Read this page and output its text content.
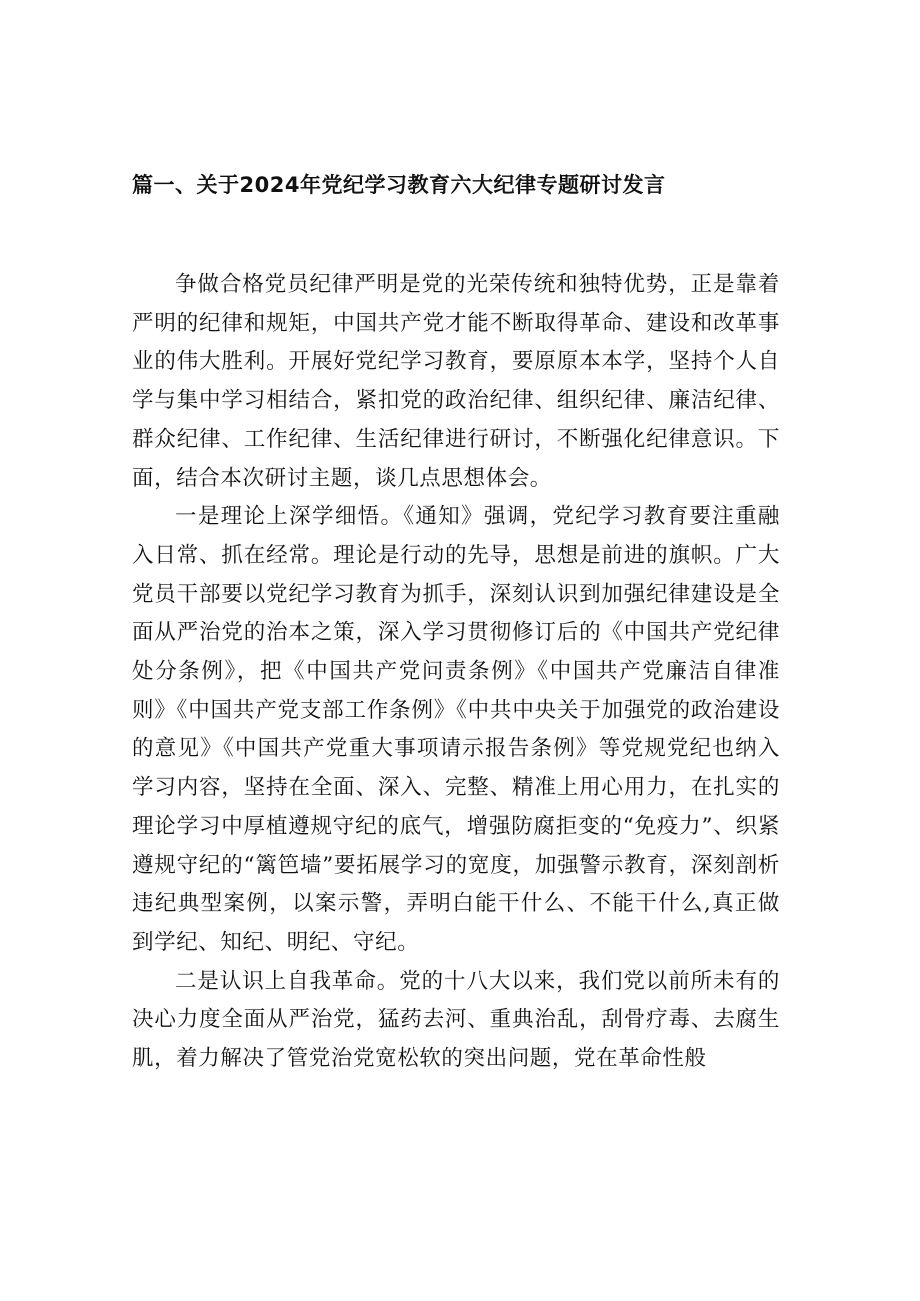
篇一、关于2024年党纪学习教育六大纪律专题研讨发言

争做合格党员纪律严明是党的光荣传统和独特优势，正是靠着严明的纪律和规矩，中国共产党才能不断取得革命、建设和改革事业的伟大胜利。开展好党纪学习教育，要原原本本学，坚持个人自学与集中学习相结合，紧扣党的政治纪律、组织纪律、廉洁纪律、群众纪律、工作纪律、生活纪律进行研讨，不断强化纪律意识。下面，结合本次研讨主题，谈几点思想体会。

一是理论上深学细悟。《通知》强调，党纪学习教育要注重融入日常、抓在经常。理论是行动的先导，思想是前进的旗帜。广大党员干部要以党纪学习教育为抓手，深刻认识到加强纪律建设是全面从严治党的治本之策，深入学习贯彻修订后的《中国共产党纪律处分条例》，把《中国共产党问责条例》《中国共产党廉洁自律准则》《中国共产党支部工作条例》《中共中央关于加强党的政治建设的意见》《中国共产党重大事项请示报告条例》等党规党纪也纳入学习内容，坚持在全面、深入、完整、精准上用心用力，在扎实的理论学习中厚植遵规守纪的底气，增强防腐拒变的“免疫力”、织紧遵规守纪的“篱笆墙”要拓展学习的宽度，加强警示教育，深刻剖析违纪典型案例，以案示警，弄明白能干什么、不能干什么,真正做到学纪、知纪、明纪、守纪。

二是认识上自我革命。党的十八大以来，我们党以前所未有的决心力度全面从严治党，猛药去河、重典治乱，刮骨疗毒、去腐生肌，着力解决了管党治党宽松软的突出问题，党在革命性般
